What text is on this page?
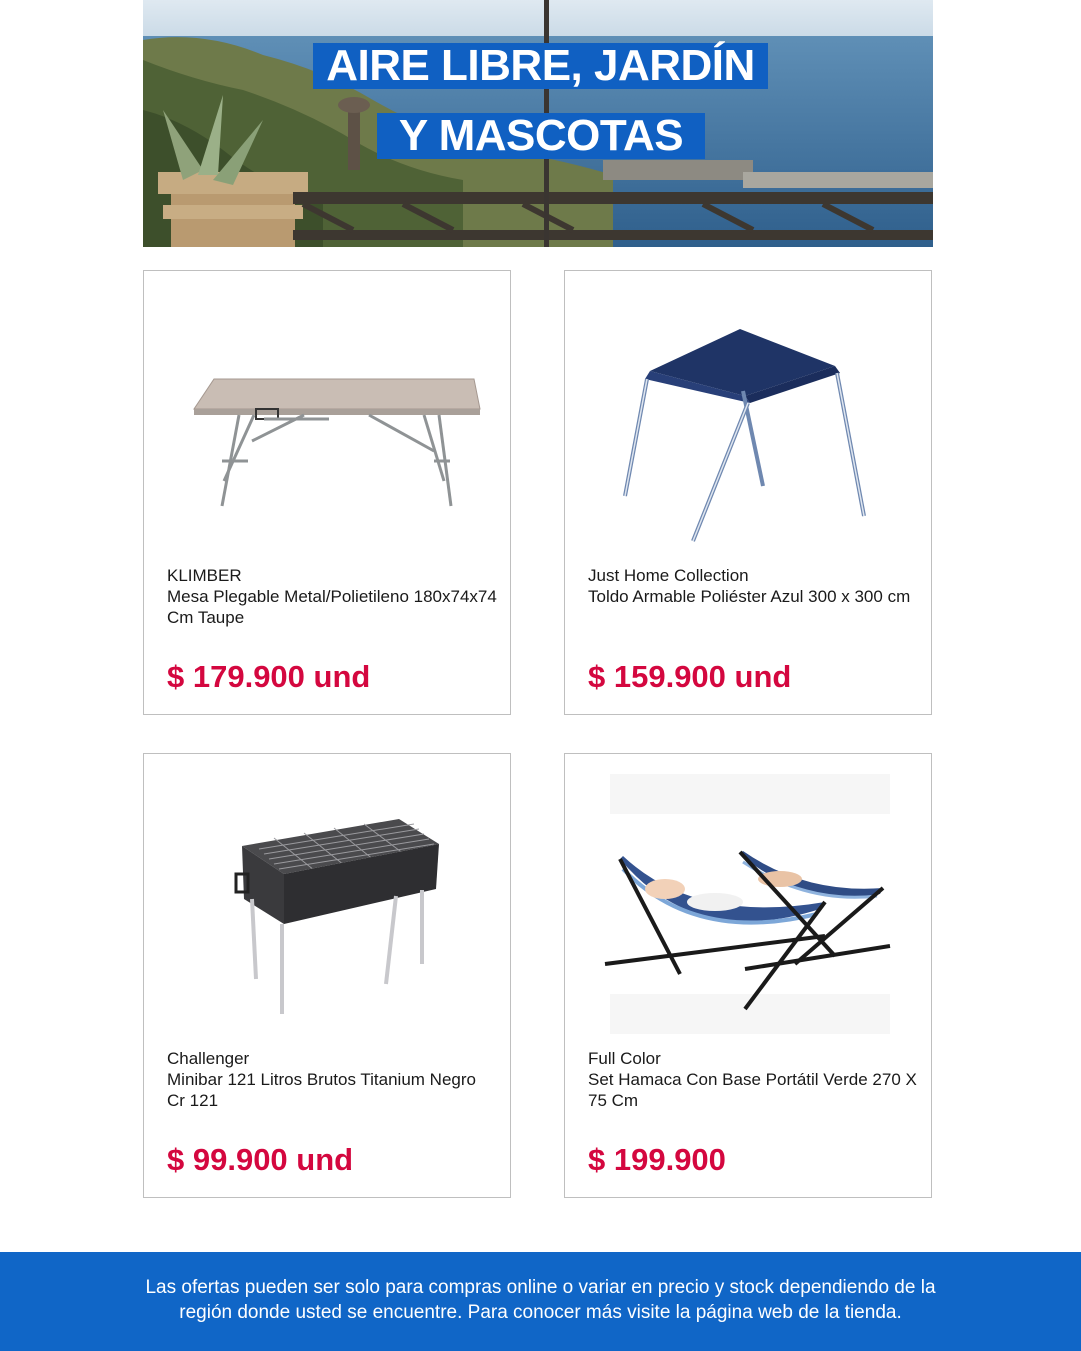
AIRE LIBRE, JARDÍN
Y MASCOTAS
KLIMBER
Mesa Plegable Metal/Polietileno 180x74x74 Cm Taupe
$ 179.900 und
Just Home Collection
Toldo Armable Poliéster Azul 300 x 300 cm
$ 159.900 und
Challenger
Minibar 121 Litros Brutos Titanium Negro Cr 121
$ 99.900 und
Full Color
Set Hamaca Con Base Portátil Verde 270 X 75 Cm
$ 199.900
Las ofertas pueden ser solo para compras online o variar en precio y stock dependiendo de la
región donde usted se encuentre. Para conocer más visite la página web de la tienda.
